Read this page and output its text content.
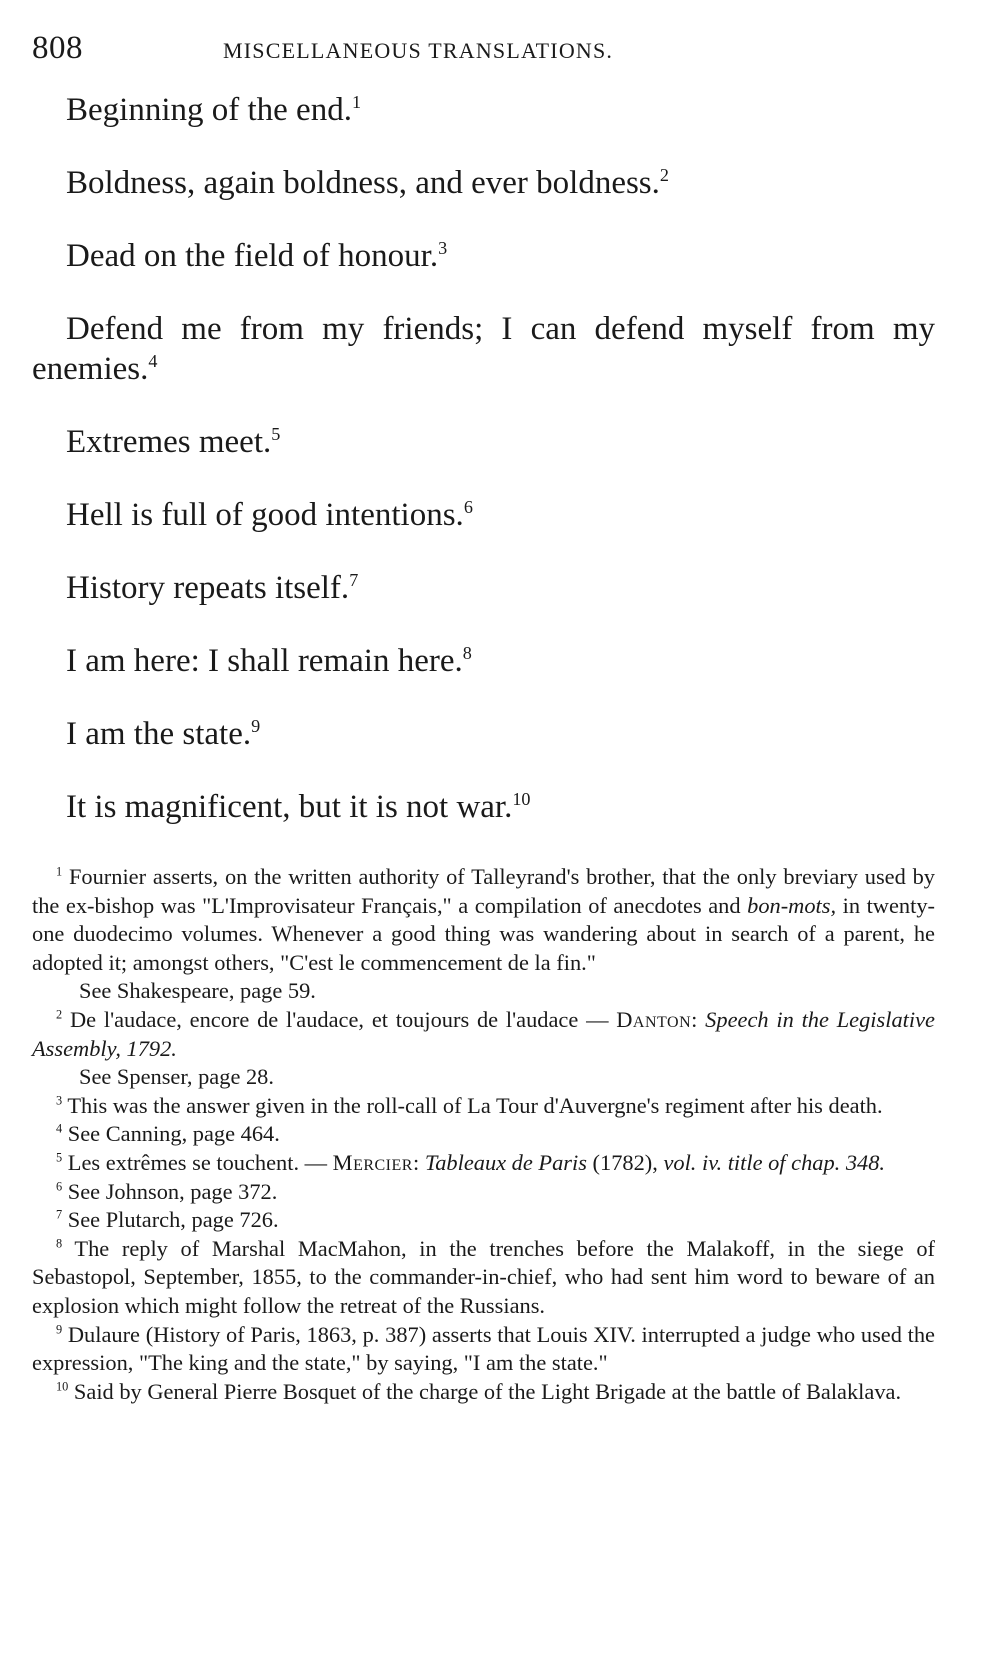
808	MISCELLANEOUS TRANSLATIONS.

Beginning of the end.$^1$

Boldness, again boldness, and ever boldness.$^2$

Dead on the field of honour.$^3$

Defend me from my friends; I can defend myself from my enemies.$^4$

Extremes meet.$^5$

Hell is full of good intentions.$^6$

History repeats itself.$^7$

I am here: I shall remain here.$^8$

I am the state.$^9$

It is magnificent, but it is not war.$^{10}$

$^1$ Fournier asserts, on the written authority of Talleyrand's brother, that the only breviary used by the ex-bishop was "L'Improvisateur Français," a compilation of anecdotes and bon-mots, in twenty-one duodecimo volumes. Whenever a good thing was wandering about in search of a parent, he adopted it; amongst others, "C'est le commencement de la fin."
See Shakespeare, page 59.

$^2$ De l'audace, encore de l'audace, et toujours de l'audace — Danton: Speech in the Legislative Assembly, 1792.
See Spenser, page 28.

$^3$ This was the answer given in the roll-call of La Tour d'Auvergne's regiment after his death.

$^4$ See Canning, page 464.

$^5$ Les extrêmes se touchent. — Mercier: Tableaux de Paris (1782), vol. iv. title of chap. 348.

$^6$ See Johnson, page 372.

$^7$ See Plutarch, page 726.

$^8$ The reply of Marshal MacMahon, in the trenches before the Malakoff, in the siege of Sebastopol, September, 1855, to the commander-in-chief, who had sent him word to beware of an explosion which might follow the retreat of the Russians.

$^9$ Dulaure (History of Paris, 1863, p. 387) asserts that Louis XIV. interrupted a judge who used the expression, "The king and the state," by saying, "I am the state."

$^{10}$ Said by General Pierre Bosquet of the charge of the Light Brigade at the battle of Balaklava.
